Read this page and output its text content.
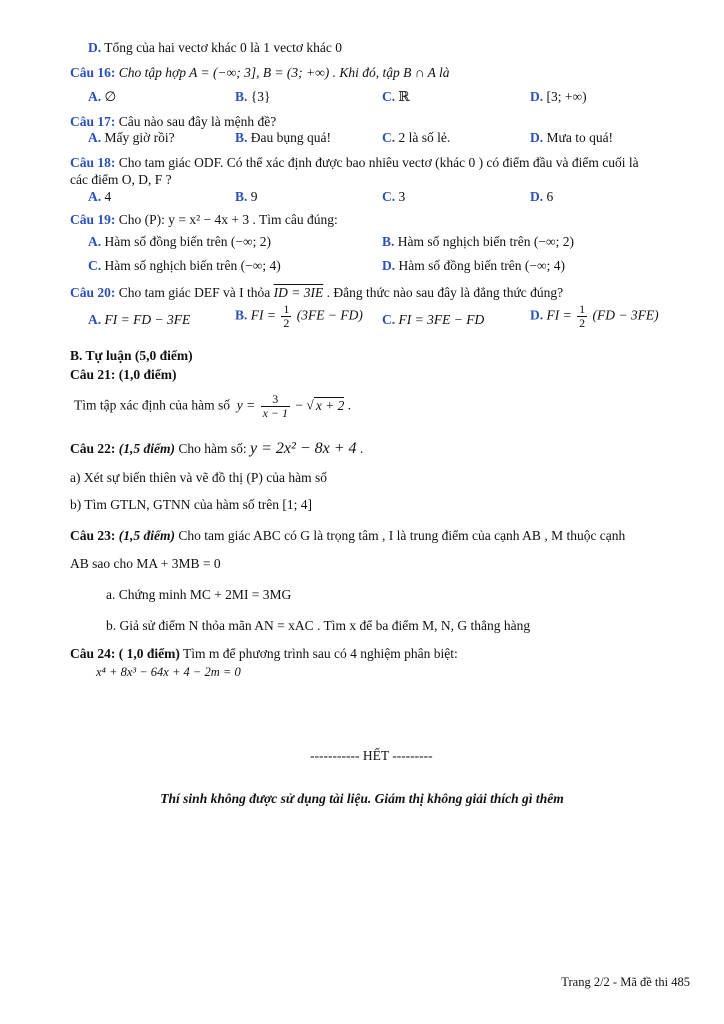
D. Tổng của hai vectơ khác 0 là 1 vectơ khác 0
Câu 16: Cho tập hợp A = (−∞; 3], B = (3; +∞) . Khi đó, tập B ∩ A là
A. ∅	B. {3}	C. ℝ	D. [3; +∞)
Câu 17: Câu nào sau đây là mệnh đề?
A. Mấy giờ rồi?	B. Đau bụng quá!	C. 2 là số lẻ.	D. Mưa to quá!
Câu 18: Cho tam giác ODF. Có thể xác định được bao nhiêu vectơ (khác 0 ) có điểm đầu và điểm cuối là
các điểm O, D, F ?
A. 4	B. 9	C. 3	D. 6
Câu 19: Cho (P): y = x² − 4x + 3 . Tìm câu đúng:
A. Hàm số đồng biến trên (−∞; 2)	B. Hàm số nghịch biến trên (−∞; 2)
C. Hàm số nghịch biến trên (−∞; 4)	D. Hàm số đồng biến trên (−∞; 4)
Câu 20: Cho tam giác DEF và I thỏa ID = 3IE . Đẳng thức nào sau đây là đẳng thức đúng?
A. FI = FD − 3FE	B. FI = $\frac{1}{2} (3FE - FD)$ C. FI = 3FE − FD	D. FI = $\frac{1}{2} (FD - 3FE)$
B. Tự luận (5,0 điểm)
Câu 21: (1,0 điểm)
Tìm tập xác định của hàm số $y = \frac{3}{x - 1}$ − √ x + 2 .
Câu 22: (1,5 điểm) Cho hàm số: y = 2x² − 8x + 4 .
a) Xét sự biến thiên và vẽ đồ thị (P) của hàm số
b) Tìm GTLN, GTNN của hàm số trên [1; 4]
Câu 23: (1,5 điểm) Cho tam giác ABC có G là trọng tâm , I là trung điểm của cạnh AB , M thuộc cạnh
AB sao cho MA + 3MB = 0
a. Chứng minh MC + 2MI = 3MG
b. Giả sử điểm N thỏa mãn AN = xAC . Tìm x để ba điểm M, N, G thẳng hàng
Câu 24: ( 1,0 điểm) Tìm m để phương trình sau có 4 nghiệm phân biệt:
x⁴ + 8x³ − 64x + 4 − 2m = 0
----------- HẾT ---------
Thí sinh không được sử dụng tài liệu. Giám thị không giải thích gì thêm
Trang 2/2 - Mã đề thi 485
